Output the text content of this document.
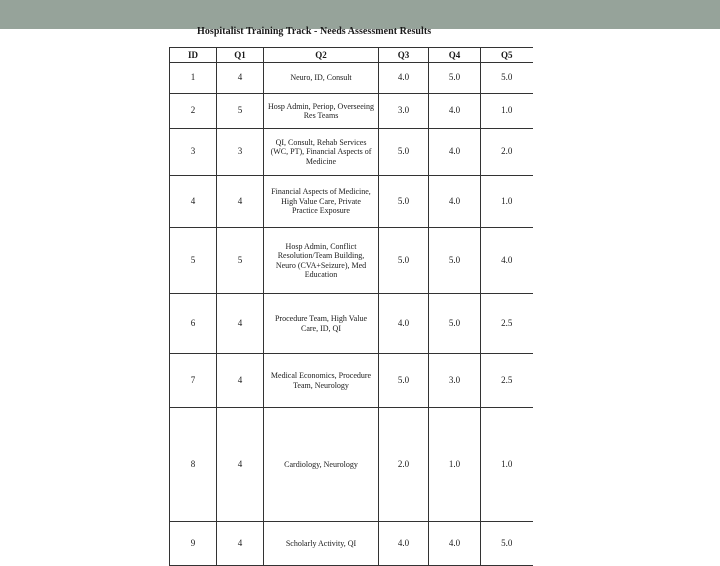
Hospitalist Training Track - Needs Assessment Results
ID	Q1	Q2	Q3	Q4	Q5
1	4	Neuro, ID, Consult	4.0	5.0	5.0
2	5	Hosp Admin, Periop, Overseeing Res Teams	3.0	4.0	1.0
3	3	QI, Consult, Rehab Services (WC, PT), Financial Aspects of Medicine	5.0	4.0	2.0
4	4	Financial Aspects of Medicine, High Value Care, Private Practice Exposure	5.0	4.0	1.0
5	5	Hosp Admin, Conflict Resolution/Team Building, Neuro (CVA+Seizure), Med Education	5.0	5.0	4.0
6	4	Procedure Team, High Value Care, ID, QI	4.0	5.0	2.5
7	4	Medical Economics, Procedure Team, Neurology	5.0	3.0	2.5
8	4	Cardiology, Neurology	2.0	1.0	1.0
9	4	Scholarly Activity, QI	4.0	4.0	5.0
